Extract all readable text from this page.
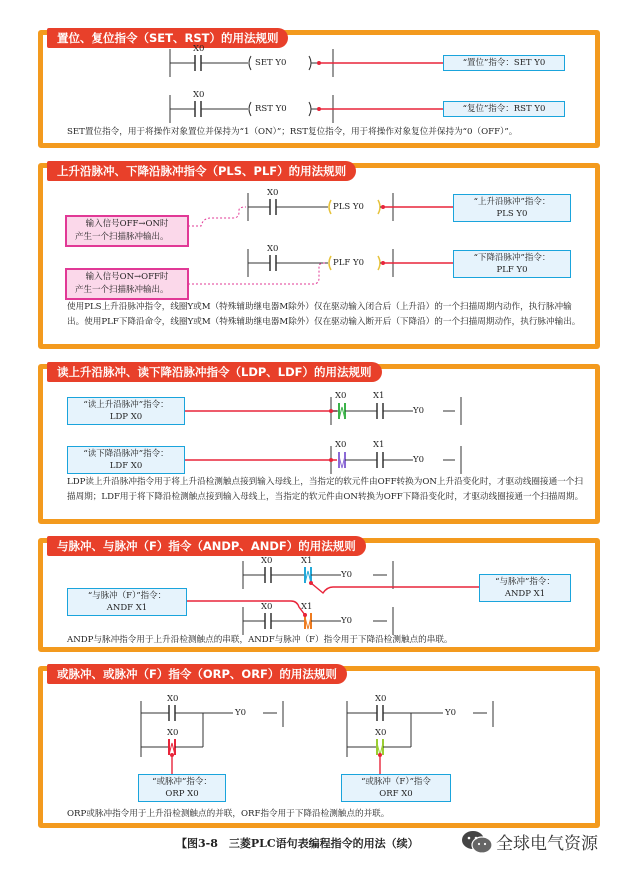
置位、复位指令（SET、RST）的用法规则
X0
SET Y0
X0
RST Y0
“置位”指令：SET Y0
“复位”指令：RST Y0
SET置位指令，用于将操作对象置位并保持为“1（ON）”；RST复位指令，用于将操作对象复位并保持为“0（OFF）”。
上升沿脉冲、下降沿脉冲指令（PLS、PLF）的用法规则
X0
PLS Y0
X0
PLF Y0
输入信号OFF→ON时
产生一个扫描脉冲输出。
输入信号ON→OFF时
产生一个扫描脉冲输出。
“上升沿脉冲”指令：
PLS Y0
“下降沿脉冲”指令：
PLF Y0
使用PLS上升沿脉冲指令，线圈Y或M（特殊辅助继电器M除外）仅在驱动输入闭合后（上升沿）的一个扫描周期内动作，执行脉冲输出。使用PLF下降沿命令，线圈Y或M（特殊辅助继电器M除外）仅在驱动输入断开后（下降沿）的一个扫描周期动作，执行脉冲输出。
读上升沿脉冲、读下降沿脉冲指令（LDP、LDF）的用法规则
X0	X1
Y0
X0	X1
Y0
“读上升沿脉冲”指令：
LDP X0
“读下降沿脉冲”指令：
LDF X0
LDP读上升沿脉冲指令用于将上升沿检测触点接到输入母线上，当指定的软元件由OFF转换为ON上升沿变化时，才驱动线圈接通一个扫描周期；LDF用于将下降沿检测触点接到输入母线上，当指定的软元件由ON转换为OFF下降沿变化时，才驱动线圈接通一个扫描周期。
与脉冲、与脉冲（F）指令（ANDP、ANDF）的用法规则
X0	X1
Y0
X0	X1
Y0
“与脉冲（F）”指令：
ANDF X1
“与脉冲”指令：
ANDP X1
ANDP与脉冲指令用于上升沿检测触点的串联，ANDF与脉冲（F）指令用于下降沿检测触点的串联。
或脉冲、或脉冲（F）指令（ORP、ORF）的用法规则
X0
Y0
X0
X0
Y0
X0
“或脉冲”指令：
ORP X0
“或脉冲（F）”指令
ORF X0
ORP或脉冲指令用于上升沿检测触点的并联，ORF指令用于下降沿检测触点的并联。
【图3-8　三菱PLC语句表编程指令的用法（续）	全球电气资源
